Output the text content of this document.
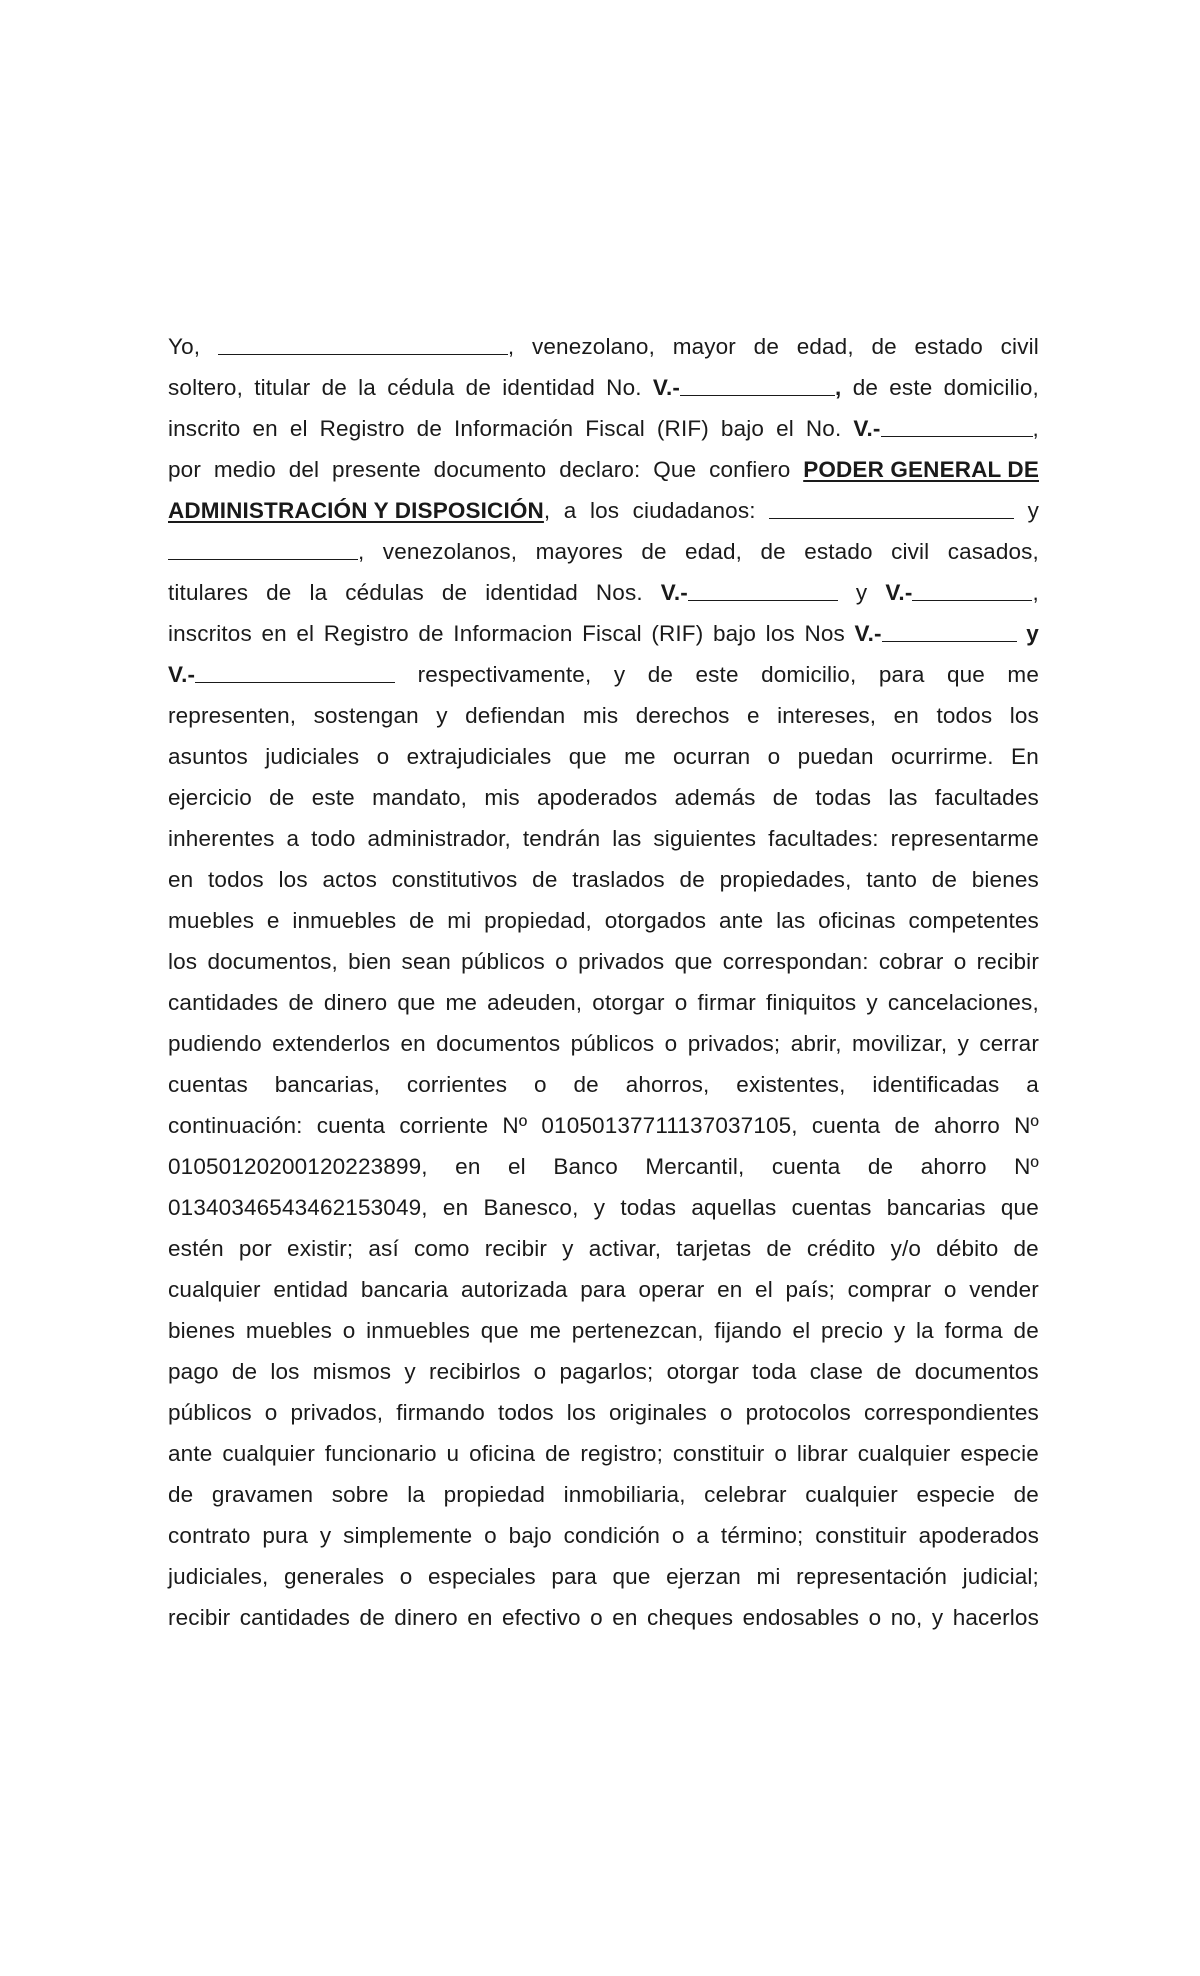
Yo,	, venezolano, mayor de edad, de estado civil
soltero, titular de la cédula de identidad No. V.-	, de este domicilio,
inscrito en el Registro de Información Fiscal (RIF) bajo el No. V.-	,
por medio del presente documento declaro: Que confiero PODER GENERAL DE
ADMINISTRACIÓN Y DISPOSICIÓN, a los ciudadanos:	y
, venezolanos, mayores de edad, de estado civil casados,
titulares de la cédulas de identidad Nos. V.-	y V.-	,
inscritos en el Registro de Informacion Fiscal (RIF) bajo los Nos V.-	y
V.-	respectivamente, y de este domicilio, para que me
representen, sostengan y defiendan mis derechos e intereses, en todos los
asuntos judiciales o extrajudiciales que me ocurran o puedan ocurrirme. En
ejercicio de este mandato, mis apoderados además de todas las facultades
inherentes a todo administrador, tendrán las siguientes facultades: representarme
en todos los actos constitutivos de traslados de propiedades, tanto de bienes
muebles e inmuebles de mi propiedad, otorgados ante las oficinas competentes
los documentos, bien sean públicos o privados que correspondan: cobrar o recibir
cantidades de dinero que me adeuden, otorgar o firmar finiquitos y cancelaciones,
pudiendo extenderlos en documentos públicos o privados; abrir, movilizar, y cerrar
cuentas bancarias, corrientes o de ahorros, existentes, identificadas a
continuación: cuenta corriente Nº 01050137711137037105, cuenta de ahorro Nº
01050120200120223899, en el Banco Mercantil, cuenta de ahorro Nº
01340346543462153049, en Banesco, y todas aquellas cuentas bancarias que
estén por existir; así como recibir y activar, tarjetas de crédito y/o débito de
cualquier entidad bancaria autorizada para operar en el país; comprar o vender
bienes muebles o inmuebles que me pertenezcan, fijando el precio y la forma de
pago de los mismos y recibirlos o pagarlos; otorgar toda clase de documentos
públicos o privados, firmando todos los originales o protocolos correspondientes
ante cualquier funcionario u oficina de registro; constituir o librar cualquier especie
de gravamen sobre la propiedad inmobiliaria, celebrar cualquier especie de
contrato pura y simplemente o bajo condición o a término; constituir apoderados
judiciales, generales o especiales para que ejerzan mi representación judicial;
recibir cantidades de dinero en efectivo o en cheques endosables o no, y hacerlos
